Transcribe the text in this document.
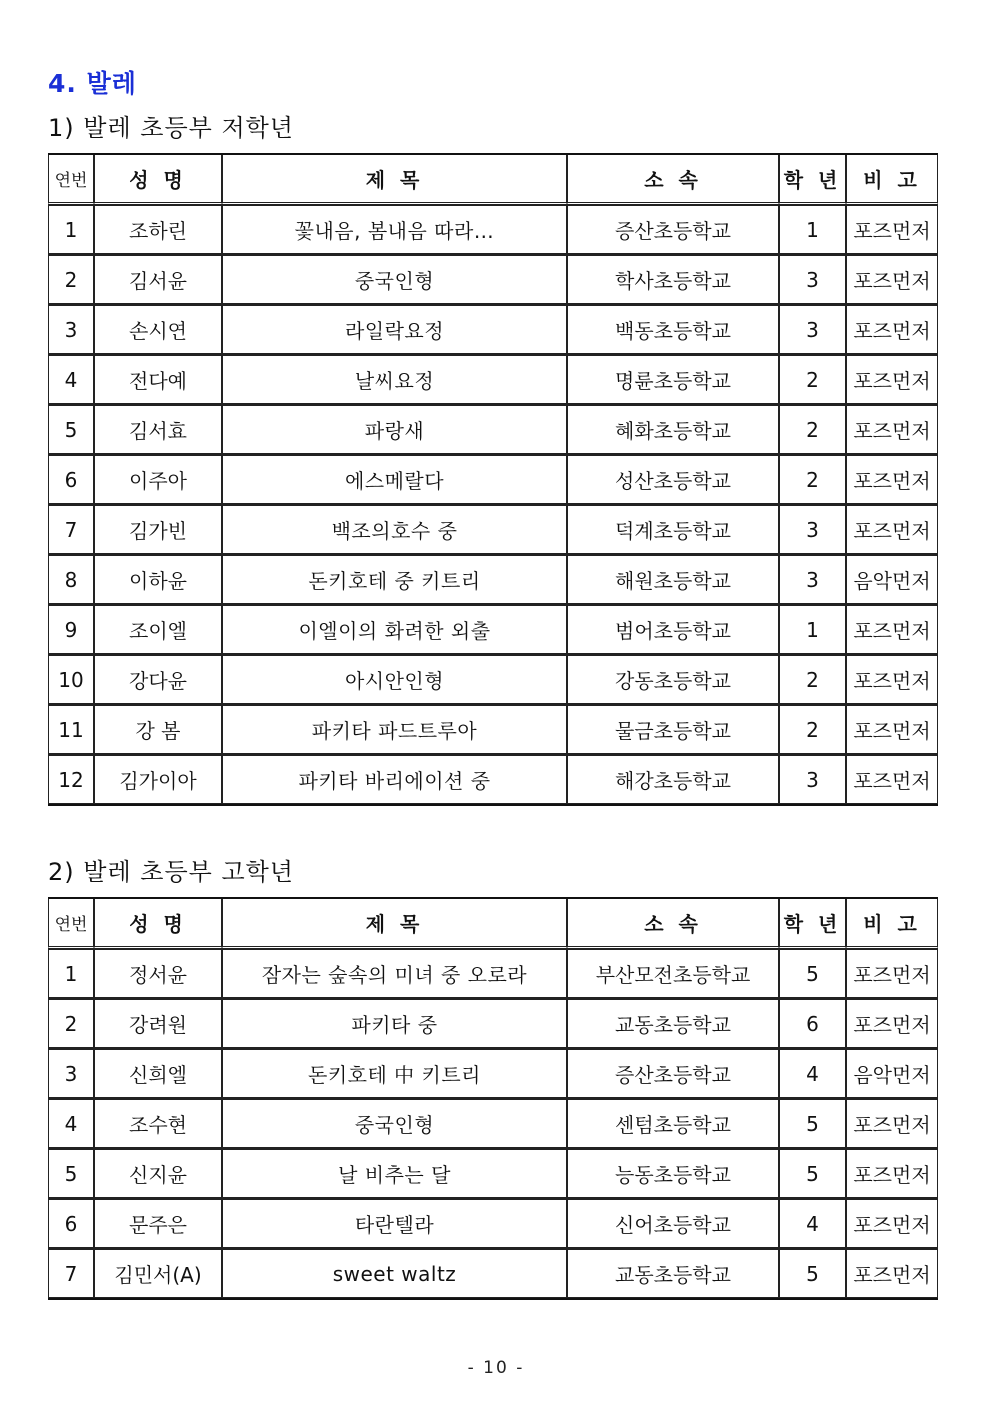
4. 발레
1) 발레 초등부 저학년
연번	성 명	제 목	소 속	학 년	비 고
1	조하린	꽃내음, 봄내음 따라…	증산초등학교	1	포즈먼저
2	김서윤	중국인형	학사초등학교	3	포즈먼저
3	손시연	라일락요정	백동초등학교	3	포즈먼저
4	전다예	날씨요정	명륜초등학교	2	포즈먼저
5	김서효	파랑새	혜화초등학교	2	포즈먼저
6	이주아	에스메랄다	성산초등학교	2	포즈먼저
7	김가빈	백조의호수 중	덕계초등학교	3	포즈먼저
8	이하윤	돈키호테 중 키트리	해원초등학교	3	음악먼저
9	조이엘	이엘이의 화려한 외출	범어초등학교	1	포즈먼저
10	강다윤	아시안인형	강동초등학교	2	포즈먼저
11	강 봄	파키타 파드트루아	물금초등학교	2	포즈먼저
12	김가이아	파키타 바리에이션 중	해강초등학교	3	포즈먼저
2) 발레 초등부 고학년
연번	성 명	제 목	소 속	학 년	비 고
1	정서윤	잠자는 숲속의 미녀 중 오로라	부산모전초등학교	5	포즈먼저
2	강려원	파키타 중	교동초등학교	6	포즈먼저
3	신희엘	돈키호테 中 키트리	증산초등학교	4	음악먼저
4	조수현	중국인형	센텀초등학교	5	포즈먼저
5	신지윤	날 비추는 달	능동초등학교	5	포즈먼저
6	문주은	타란텔라	신어초등학교	4	포즈먼저
7	김민서(A)	sweet waltz	교동초등학교	5	포즈먼저
- 10 -
